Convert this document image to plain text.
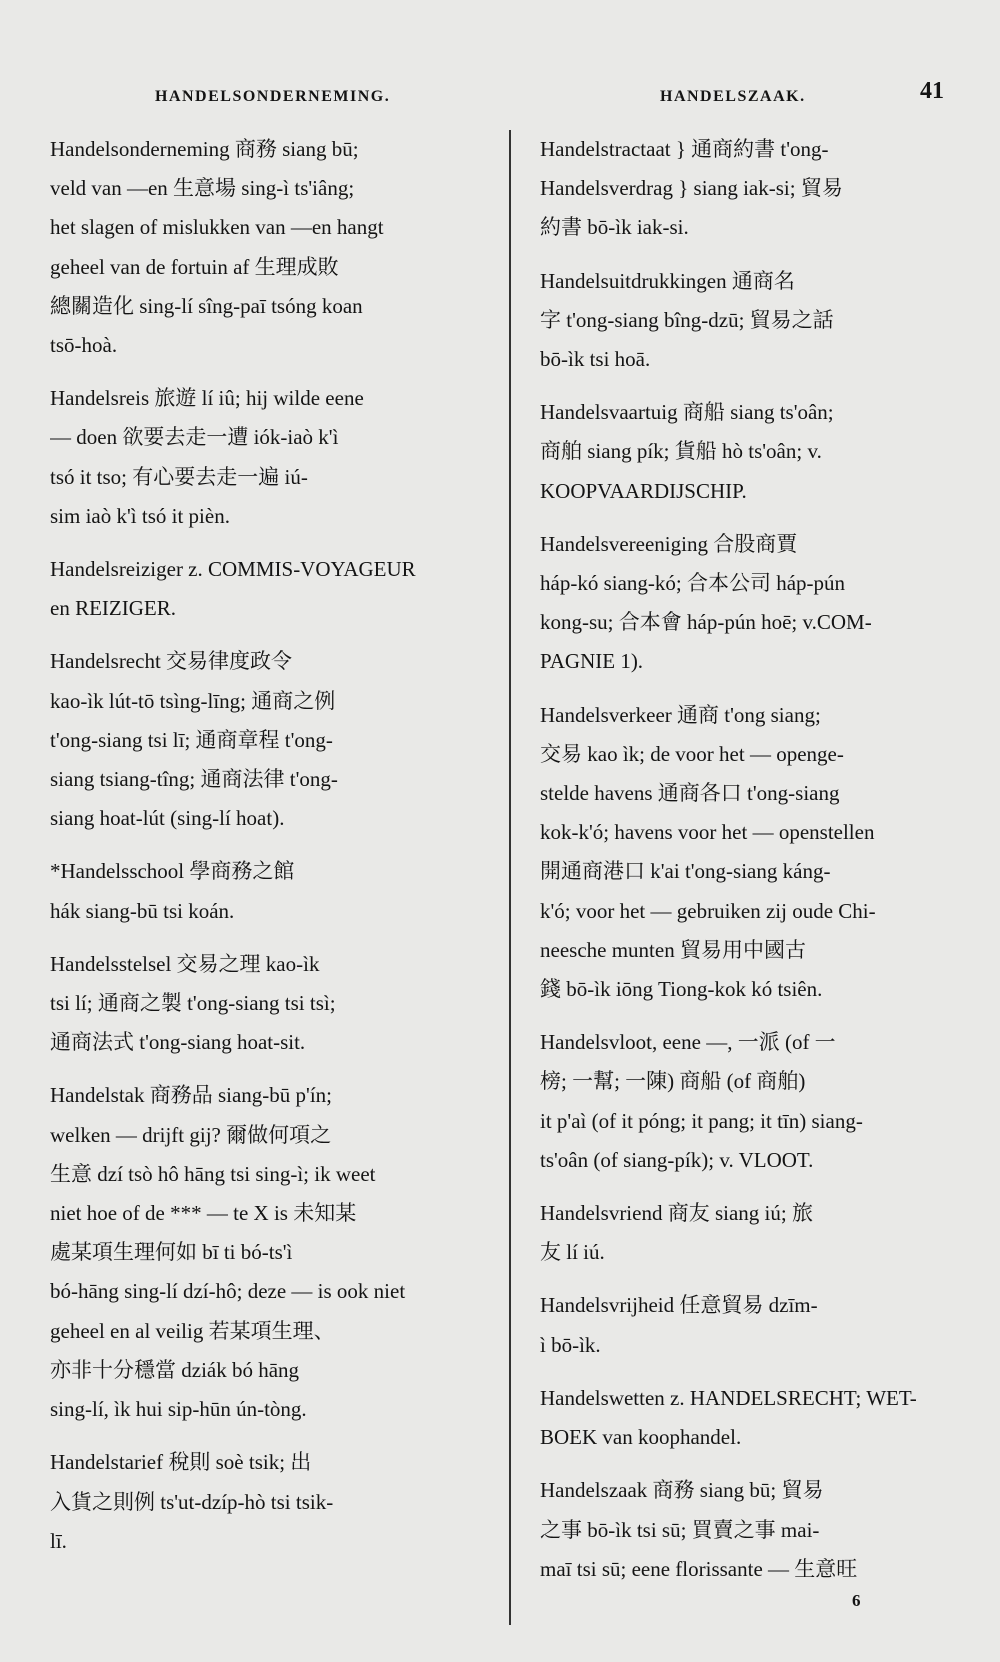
HANDELSONDERNEMING.	HANDELSZAAK.	41
Handelsonderneming 商務 siang bū;
veld van —en 生意場 sing-ì ts'iâng;
het slagen of mislukken van —en hangt
geheel van de fortuin af 生理成敗
總關造化 sing-lí sîng-paī tsóng koan
tsō-hoà.
Handelsreis 旅遊 lí iû; hij wilde eene
— doen 欲要去走一遭 iók-iaò k'ì
tsó it tso; 有心要去走一遍 iú-
sim iaò k'ì tsó it pièn.
Handelsreiziger z. COMMIS-VOYAGEUR
en REIZIGER.
Handelsrecht 交易律度政令
kao-ìk lút-tō tsìng-līng; 通商之例
t'ong-siang tsi lī; 通商章程 t'ong-
siang tsiang-tîng; 通商法律 t'ong-
siang hoat-lút (sing-lí hoat).
*Handelsschool 學商務之館
hák siang-bū tsi koán.
Handelsstelsel 交易之理 kao-ìk
tsi lí; 通商之製 t'ong-siang tsi tsì;
通商法式 t'ong-siang hoat-sit.
Handelstak 商務品 siang-bū p'ín;
welken — drijft gij? 爾做何項之
生意 dzí tsò hô hāng tsi sing-ì; ik weet
niet hoe of de *** — te X is 未知某
處某項生理何如 bī ti bó-ts'ì
bó-hāng sing-lí dzí-hô; deze — is ook niet
geheel en al veilig 若某項生理、
亦非十分穩當 dziák bó hāng
sing-lí, ìk hui sip-hūn ún-tòng.
Handelstarief 稅則 soè tsik; 出
入貨之則例 ts'ut-dzíp-hò tsi tsik-
lī.
Handelstractaat } 通商約書 t'ong-
Handelsverdrag } siang iak-si; 貿易
約書 bō-ìk iak-si.
Handelsuitdrukkingen 通商名
字 t'ong-siang bîng-dzū; 貿易之話
bō-ìk tsi hoā.
Handelsvaartuig 商船 siang ts'oân;
商舶 siang pík; 貨船 hò ts'oân; v.
KOOPVAARDIJSCHIP.
Handelsvereeniging 合股商賈
háp-kó siang-kó; 合本公司 háp-pún
kong-su; 合本會 háp-pún hoē; v.COM-
PAGNIE 1).
Handelsverkeer 通商 t'ong siang;
交易 kao ìk; de voor het — openge-
stelde havens 通商各口 t'ong-siang
kok-k'ó; havens voor het — openstellen
開通商港口 k'ai t'ong-siang káng-
k'ó; voor het — gebruiken zij oude Chi-
neesche munten 貿易用中國古
錢 bō-ìk iōng Tiong-kok kó tsiên.
Handelsvloot, eene —, 一派 (of 一
榜; 一幫; 一陳) 商船 (of 商舶)
it p'aì (of it póng; it pang; it tīn) siang-
ts'oân (of siang-pík); v. VLOOT.
Handelsvriend 商友 siang iú; 旅
友 lí iú.
Handelsvrijheid 任意貿易 dzīm-
ì bō-ìk.
Handelswetten z. HANDELSRECHT; WET-
BOEK van koophandel.
Handelszaak 商務 siang bū; 貿易
之事 bō-ìk tsi sū; 買賣之事 mai-
maī tsi sū; eene florissante — 生意旺
6
